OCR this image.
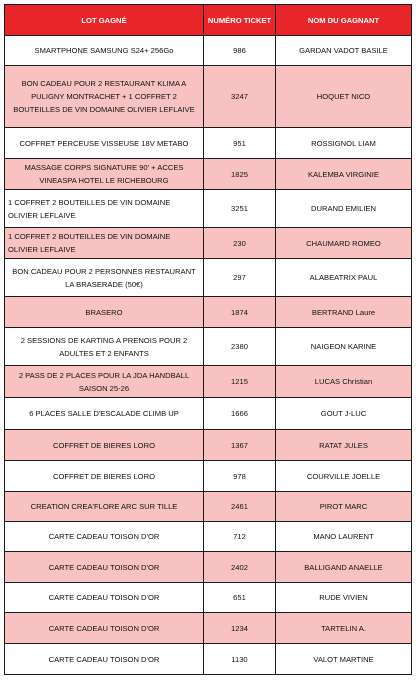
LOT GAGNÉ	NUMÉRO TICKET	NOM DU GAGNANT
SMARTPHONE SAMSUNG S24+ 256Go	986	GARDAN VADOT BASILE
BON CADEAU POUR 2 RESTAURANT KLIMA A PULIGNY MONTRACHET + 1 COFFRET 2 BOUTEILLES DE VIN DOMAINE OLIVIER LEFLAIVE	3247	HOQUET NICO
COFFRET PERCEUSE VISSEUSE 18V METABO	951	ROSSIGNOL LIAM
MASSAGE CORPS SIGNATURE 90' + ACCES VINEASPA HOTEL LE RICHEBOURG	1825	KALEMBA VIRGINIE
1 COFFRET 2 BOUTEILLES DE VIN DOMAINE OLIVIER LEFLAIVE	3251	DURAND EMILIEN
1 COFFRET 2 BOUTEILLES DE VIN DOMAINE OLIVIER LEFLAIVE	230	CHAUMARD ROMEO
BON CADEAU POUR 2 PERSONNES RESTAURANT LA BRASERADE (50€)	297	ALABEATRIX PAUL
BRASERO	1874	BERTRAND Laure
2 SESSIONS DE KARTING A PRENOIS POUR 2 ADULTES ET 2 ENFANTS	2380	NAIGEON KARINE
2 PASS DE 2 PLACES POUR LA JDA HANDBALL SAISON 25-26	1215	LUCAS Christian
6 PLACES SALLE D'ESCALADE CLIMB UP	1666	GOUT J-LUC
COFFRET DE BIERES LORO	1367	RATAT JULES
COFFRET DE BIERES LORO	978	COURVILLE JOELLE
CREATION CREA'FLORE ARC SUR TILLE	2461	PIROT MARC
CARTE CADEAU TOISON D'OR	712	MANO LAURENT
CARTE CADEAU TOISON D'OR	2402	BALLIGAND ANAELLE
CARTE CADEAU TOISON D'OR	651	RUDE VIVIEN
CARTE CADEAU TOISON D'OR	1234	TARTELIN A.
CARTE CADEAU TOISON D'OR	1130	VALOT MARTINE
